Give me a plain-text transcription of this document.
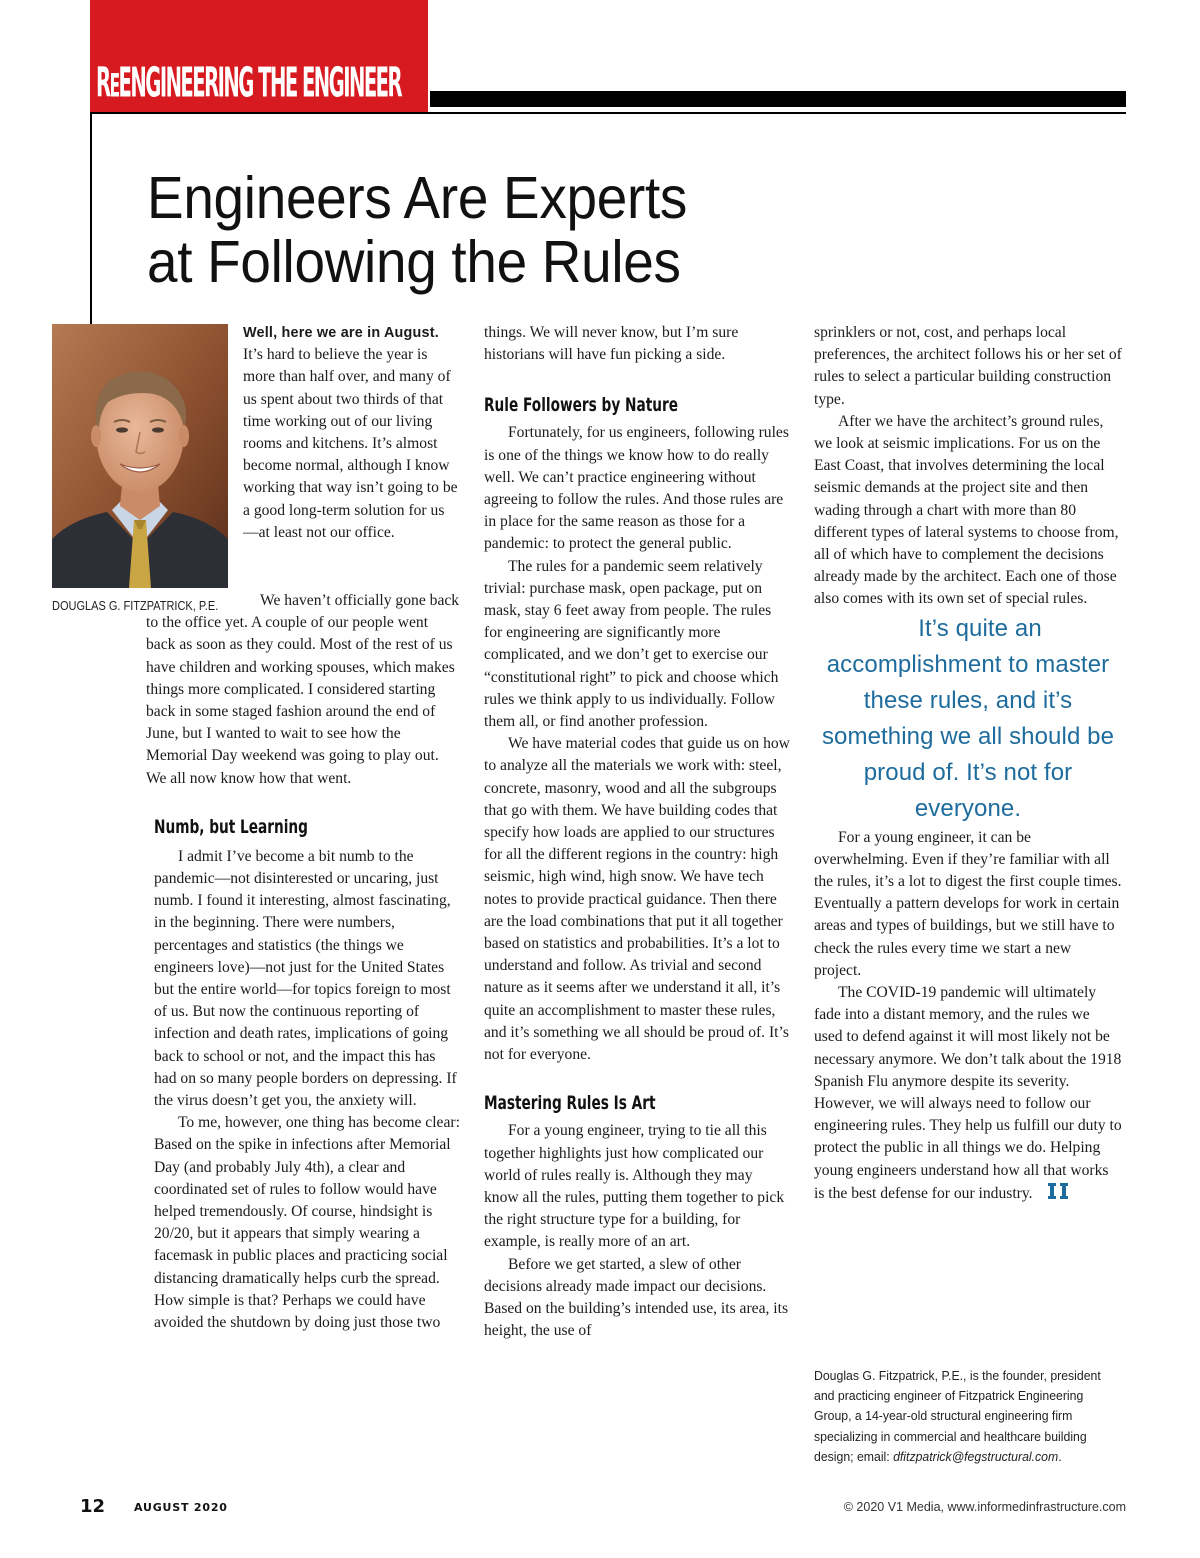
REENGINEERING THE ENGINEER
Engineers Are Experts
at Following the Rules
DOUGLAS G. FITZPATRICK, P.E.

Well, here we are in August.
It’s hard to believe the year is more than half over, and many of us spent about two thirds of that time working out of our living rooms and kitchens. It’s almost become normal, although I know working that way isn’t going to be a good long-term solution for us—at least not our office.

We haven’t officially gone back to the office yet. A couple of our people went back as soon as they could. Most of the rest of us have children and working spouses, which makes things more complicated. I considered starting back in some staged fashion around the end of June, but I wanted to wait to see how the Memorial Day weekend was going to play out. We all now know how that went.

Numb, but Learning

I admit I’ve become a bit numb to the pandemic—not disinterested or uncaring, just numb. I found it interesting, almost fascinating, in the beginning. There were numbers, percentages and statistics (the things we engineers love)—not just for the United States but the entire world—for topics foreign to most of us. But now the continuous reporting of infection and death rates, implications of going back to school or not, and the impact this has had on so many people borders on depressing. If the virus doesn’t get you, the anxiety will.

To me, however, one thing has become clear: Based on the spike in infections after Memorial Day (and probably July 4th), a clear and coordinated set of rules to follow would have helped tremendously. Of course, hindsight is 20/20, but it appears that simply wearing a facemask in public places and practicing social distancing dramatically helps curb the spread. How simple is that? Perhaps we could have avoided the shutdown by doing just those two

things. We will never know, but I’m sure historians will have fun picking a side.

Rule Followers by Nature

Fortunately, for us engineers, following rules is one of the things we know how to do really well. We can’t practice engineering without agreeing to follow the rules. And those rules are in place for the same reason as those for a pandemic: to protect the general public.

The rules for a pandemic seem relatively trivial: purchase mask, open package, put on mask, stay 6 feet away from people. The rules for engineering are significantly more complicated, and we don’t get to exercise our “constitutional right” to pick and choose which rules we think apply to us individually. Follow them all, or find another profession.

We have material codes that guide us on how to analyze all the materials we work with: steel, concrete, masonry, wood and all the subgroups that go with them. We have building codes that specify how loads are applied to our structures for all the different regions in the country: high seismic, high wind, high snow. We have tech notes to provide practical guidance. Then there are the load combinations that put it all together based on statistics and probabilities. It’s a lot to understand and follow. As trivial and second nature as it seems after we understand it all, it’s quite an accomplishment to master these rules, and it’s something we all should be proud of. It’s not for everyone.

Mastering Rules Is Art

For a young engineer, trying to tie all this together highlights just how complicated our world of rules really is. Although they may know all the rules, putting them together to pick the right structure type for a building, for example, is really more of an art.

Before we get started, a slew of other decisions already made impact our decisions. Based on the building’s intended use, its area, its height, the use of

sprinklers or not, cost, and perhaps local preferences, the architect follows his or her set of rules to select a particular building construction type.

After we have the architect’s ground rules, we look at seismic implications. For us on the East Coast, that involves determining the local seismic demands at the project site and then wading through a chart with more than 80 different types of lateral systems to choose from, all of which have to complement the decisions already made by the architect. Each one of those also comes with its own set of special rules.

It’s quite an accomplishment to master these rules, and it’s something we all should be proud of. It’s not for everyone.

For a young engineer, it can be overwhelming. Even if they’re familiar with all the rules, it’s a lot to digest the first couple times. Eventually a pattern develops for work in certain areas and types of buildings, but we still have to check the rules every time we start a new project.

The COVID-19 pandemic will ultimately fade into a distant memory, and the rules we used to defend against it will most likely not be necessary anymore. We don’t talk about the 1918 Spanish Flu anymore despite its severity. However, we will always need to follow our engineering rules. They help us fulfill our duty to protect the public in all things we do. Helping young engineers understand how all that works is the best defense for our industry.

Douglas G. Fitzpatrick, P.E., is the founder, president and practicing engineer of Fitzpatrick Engineering Group, a 14-year-old structural engineering firm specializing in commercial and healthcare building design; email: dfitzpatrick@fegstructural.com.
12	AUGUST 2020	© 2020 V1 Media, www.informedinfrastructure.com
